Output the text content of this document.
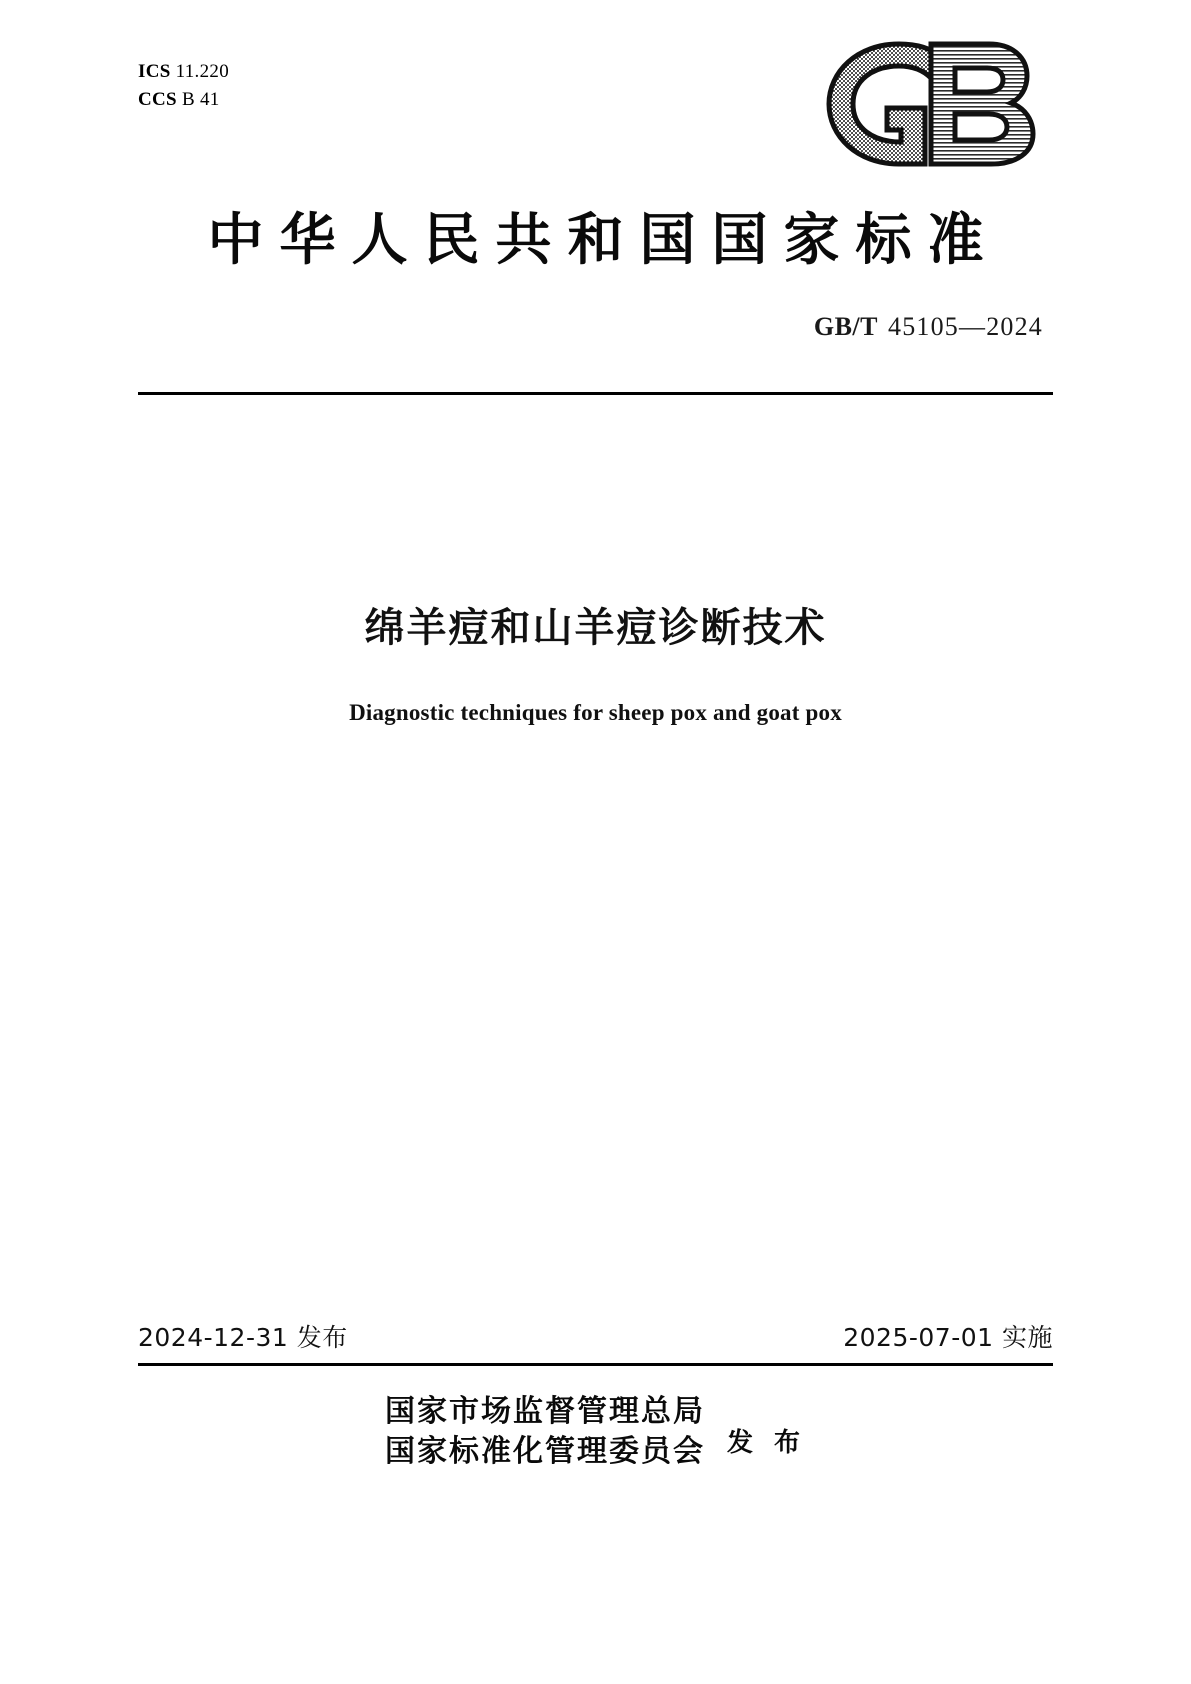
ICS 11.220
CCS B 41
中华人民共和国国家标准
GB/T 45105—2024
绵羊痘和山羊痘诊断技术
Diagnostic techniques for sheep pox and goat pox
2024-12-31 发布	2025-07-01 实施
国家市场监督管理总局
国家标准化管理委员会 发 布
